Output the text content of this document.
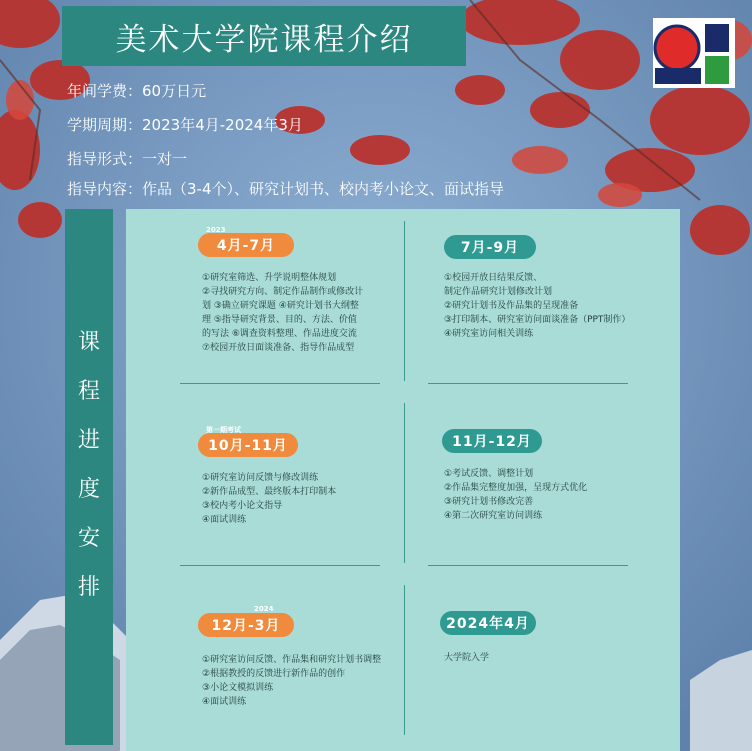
美术大学院课程介绍
年间学费：60万日元
学期周期：2023年4月-2024年3月
指导形式：一对一
指导内容：作品（3-4个）、研究计划书、校内考小论文、面试指导
课
程
进
度
安
排
4月-7月
2023
①研究室筛选、升学说明整体规划
②寻找研究方向、制定作品制作或修改计划 ③确立研究课题 ④研究计划书大纲整理 ⑤指导研究背景、目的、方法、价值的写法 ⑥调查资料整理、作品进度交流 ⑦校园开放日面谈准备、指导作品成型
7月-9月
①校园开放日结果反馈、
制定作品研究计划修改计划
②研究计划书及作品集的呈现准备
③打印制本、研究室访问面谈准备（PPT制作）
④研究室访问相关训练
10月-11月
第一期考试
①研究室访问反馈与修改训练
②新作品成型、最终版本打印制本
③校内考小论文指导
④面试训练
11月-12月
①考试反馈、调整计划
②作品集完整度加强，呈现方式优化
③研究计划书修改完善
④第二次研究室访问训练
12月-3月
2024
①研究室访问反馈、作品集和研究计划书调整
②根据教授的反馈进行新作品的创作
③小论文模拟训练
④面试训练
2024年4月
大学院入学
